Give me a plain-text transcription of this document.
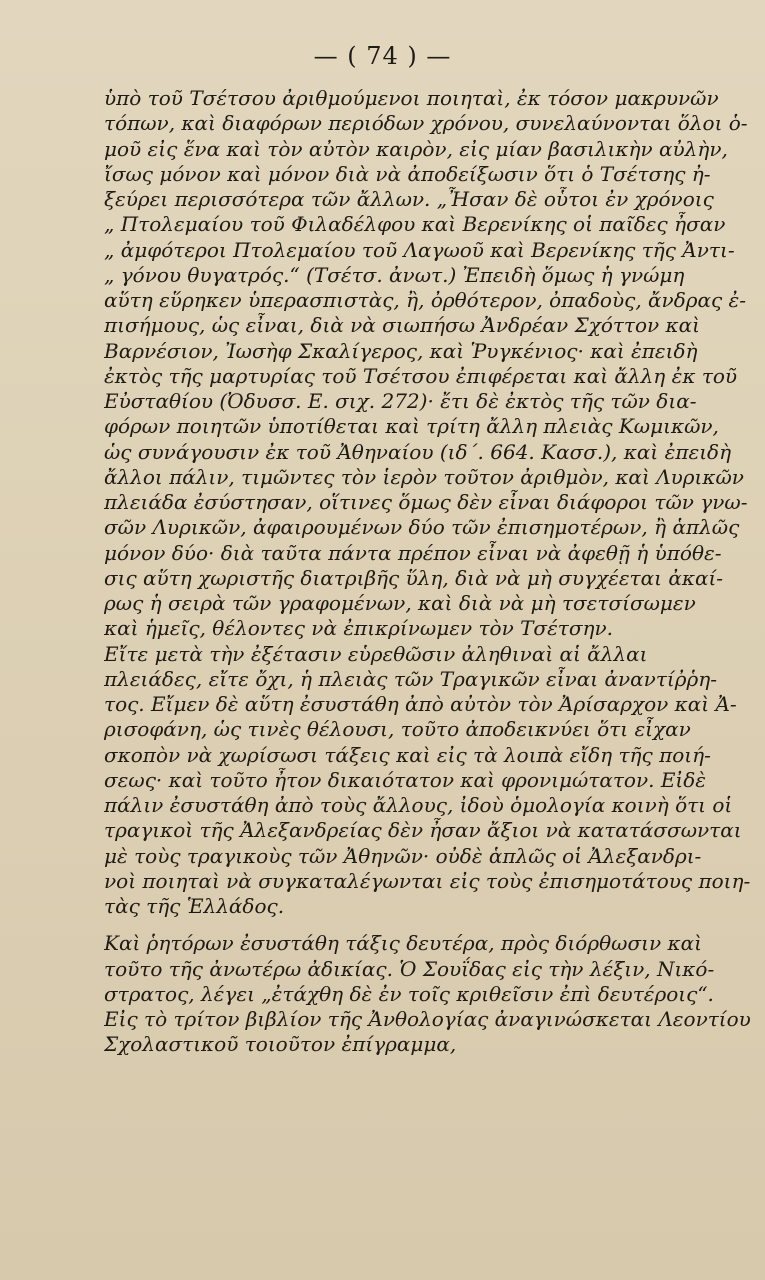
— ( 74 ) —
ὑπὸ τοῦ Τσέτσου ἀριθμούμενοι ποιηταὶ, ἐκ τόσον μακρυνῶν
τόπων, καὶ διαφόρων περιόδων χρόνου, συνελαύνονται ὅλοι ὁ-
μοῦ εἰς ἕνα καὶ τὸν αὐτὸν καιρὸν, εἰς μίαν βασιλικὴν αὐλὴν,
ἴσως μόνον καὶ μόνον διὰ νὰ ἀποδείξωσιν ὅτι ὁ Τσέτσης ἠ-
ξεύρει περισσότερα τῶν ἄλλων. „Ἦσαν δὲ οὗτοι ἐν χρόνοις
„ Πτολεμαίου τοῦ Φιλαδέλφου καὶ Βερενίκης οἱ παῖδες ἦσαν
„ ἀμφότεροι Πτολεμαίου τοῦ Λαγωοῦ καὶ Βερενίκης τῆς Ἀντι-
„ γόνου θυγατρός.“ (Τσέτσ. ἀνωτ.) Ἐπειδὴ ὅμως ἡ γνώμη
αὕτη εὕρηκεν ὑπερασπιστὰς, ἢ, ὀρθότερον, ὀπαδοὺς, ἄνδρας ἐ-
πισήμους, ὡς εἶναι, διὰ νὰ σιωπήσω Ἀνδρέαν Σχόττον καὶ
Βαρνέσιον, Ἰωσὴφ Σκαλίγερος, καὶ Ῥυγκένιος· καὶ ἐπειδὴ
ἐκτὸς τῆς μαρτυρίας τοῦ Τσέτσου ἐπιφέρεται καὶ ἄλλη ἐκ τοῦ
Εὐσταθίου (Ὀδυσσ. Ε. σιχ. 272)· ἔτι δὲ ἐκτὸς τῆς τῶν δια-
φόρων ποιητῶν ὑποτίθεται καὶ τρίτη ἄλλη πλειὰς Κωμικῶν,
ὡς συνάγουσιν ἐκ τοῦ Ἀθηναίου (ιδ΄. 664. Κασσ.), καὶ ἐπειδὴ
ἄλλοι πάλιν, τιμῶντες τὸν ἱερὸν τοῦτον ἀριθμὸν, καὶ Λυρικῶν
πλειάδα ἐσύστησαν, οἵτινες ὅμως δὲν εἶναι διάφοροι τῶν γνω-
σῶν Λυρικῶν, ἀφαιρουμένων δύο τῶν ἐπισημοτέρων, ἢ ἁπλῶς
μόνον δύο· διὰ ταῦτα πάντα πρέπον εἶναι νὰ ἀφεθῇ ἡ ὑπόθε-
σις αὕτη χωριστῆς διατριβῆς ὕλη, διὰ νὰ μὴ συγχέεται ἀκαί-
ρως ἡ σειρὰ τῶν γραφομένων, καὶ διὰ νὰ μὴ τσετσίσωμεν
καὶ ἡμεῖς, θέλοντες νὰ ἐπικρίνωμεν τὸν Τσέτσην.
Εἴτε μετὰ τὴν ἐξέτασιν εὑρεθῶσιν ἀληθιναὶ αἱ ἄλλαι
πλειάδες, εἴτε ὄχι, ἡ πλειὰς τῶν Τραγικῶν εἶναι ἀναντίῤῥη-
τος. Εἴμεν δὲ αὕτη ἐσυστάθη ἀπὸ αὐτὸν τὸν Ἀρίσαρχον καὶ Ἀ-
ρισοφάνη, ὡς τινὲς θέλουσι, τοῦτο ἀποδεικνύει ὅτι εἶχαν
σκοπὸν νὰ χωρίσωσι τάξεις καὶ εἰς τὰ λοιπὰ εἴδη τῆς ποιή-
σεως· καὶ τοῦτο ἦτον δικαιότατον καὶ φρονιμώτατον. Εἰδὲ
πάλιν ἐσυστάθη ἀπὸ τοὺς ἄλλους, ἰδοὺ ὁμολογία κοινὴ ὅτι οἱ
τραγικοὶ τῆς Ἀλεξανδρείας δὲν ἦσαν ἄξιοι νὰ κατατάσσωνται
μὲ τοὺς τραγικοὺς τῶν Ἀθηνῶν· οὐδὲ ἁπλῶς οἱ Ἀλεξανδρι-
νοὶ ποιηταὶ νὰ συγκαταλέγωνται εἰς τοὺς ἐπισημοτάτους ποιη-
τὰς τῆς Ἑλλάδος.
Καὶ ῥητόρων ἐσυστάθη τάξις δευτέρα, πρὸς διόρθωσιν καὶ
τοῦτο τῆς ἀνωτέρω ἀδικίας. Ὁ Σουΐδας εἰς τὴν λέξιν, Νικό-
στρατος, λέγει „ἐτάχθη δὲ ἐν τοῖς κριθεῖσιν ἐπὶ δευτέροις“.
Εἰς τὸ τρίτον βιβλίον τῆς Ἀνθολογίας ἀναγινώσκεται Λεοντίου
Σχολαστικοῦ τοιοῦτον ἐπίγραμμα,
